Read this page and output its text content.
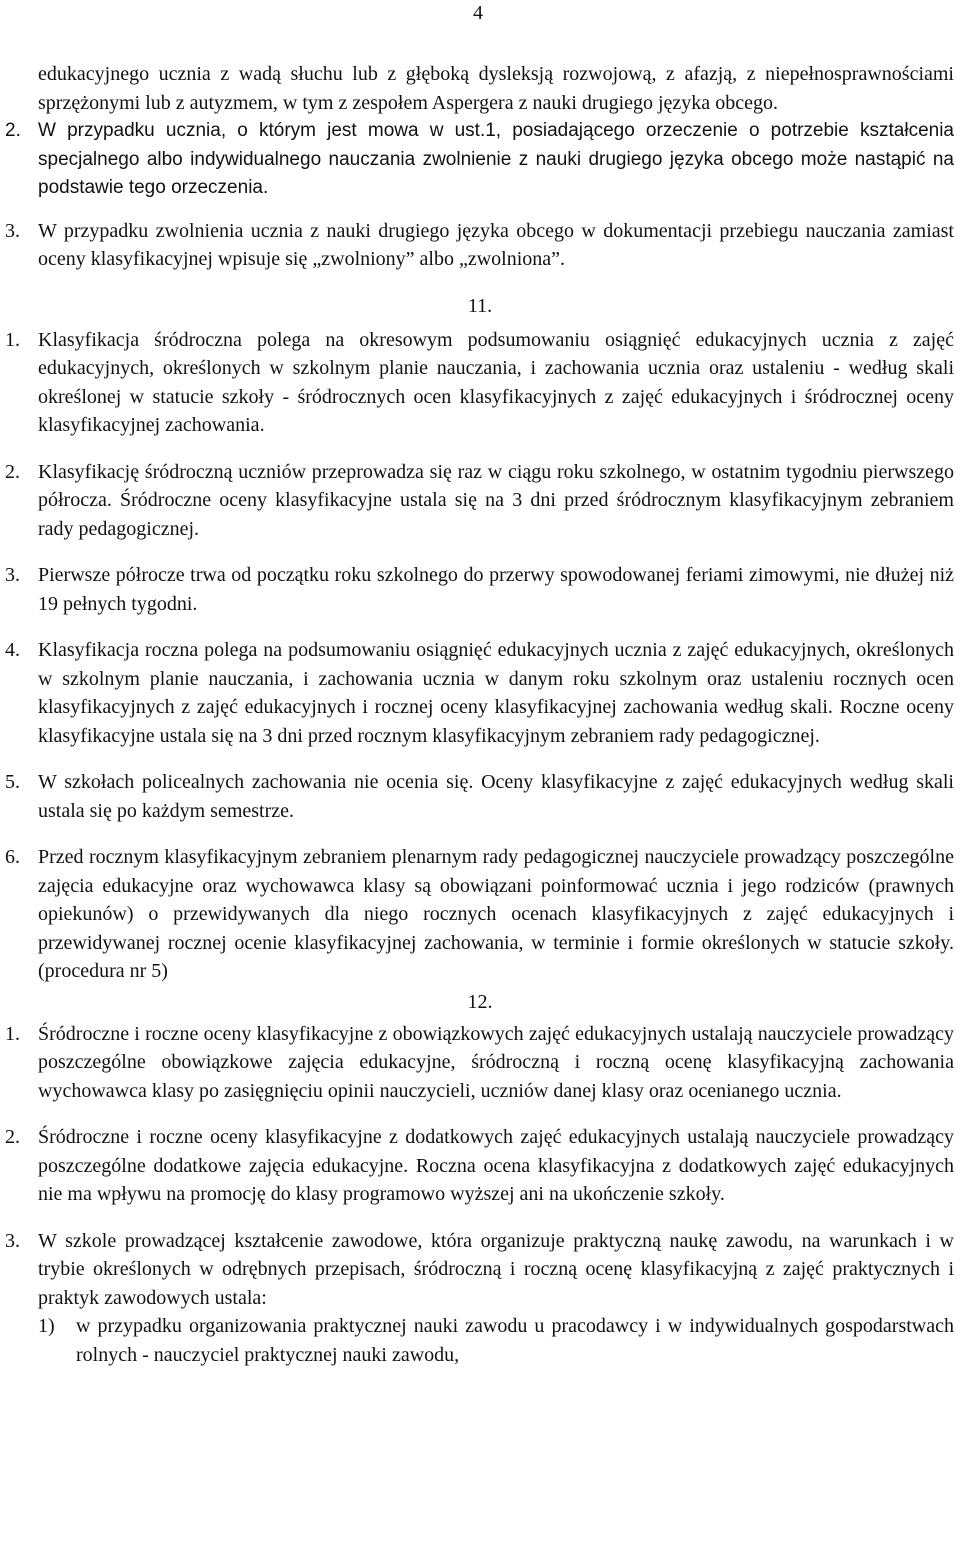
4

edukacyjnego ucznia z wadą słuchu lub z głęboką dysleksją rozwojową, z afazją, z niepełnosprawnościami sprzężonymi lub z autyzmem, w tym z zespołem Aspergera z nauki drugiego języka obcego.

2. W przypadku ucznia, o którym jest mowa w ust.1, posiadającego orzeczenie o potrzebie kształcenia specjalnego albo indywidualnego nauczania zwolnienie z nauki drugiego języka obcego może nastąpić na podstawie tego orzeczenia.

3. W przypadku zwolnienia ucznia z nauki drugiego języka obcego w dokumentacji przebiegu nauczania zamiast oceny klasyfikacyjnej wpisuje się „zwolniony” albo „zwolniona”.

11.

1. Klasyfikacja śródroczna polega na okresowym podsumowaniu osiągnięć edukacyjnych ucznia z zajęć edukacyjnych, określonych w szkolnym planie nauczania, i zachowania ucznia oraz ustaleniu - według skali określonej w statucie szkoły - śródrocznych ocen klasyfikacyjnych z zajęć edukacyjnych i śródrocznej oceny klasyfikacyjnej zachowania.

2. Klasyfikację śródroczną uczniów przeprowadza się raz w ciągu roku szkolnego, w ostatnim tygodniu pierwszego półrocza. Śródroczne oceny klasyfikacyjne ustala się na 3 dni przed śródrocznym klasyfikacyjnym zebraniem rady pedagogicznej.

3. Pierwsze półrocze trwa od początku roku szkolnego do przerwy spowodowanej feriami zimowymi, nie dłużej niż 19 pełnych tygodni.

4. Klasyfikacja roczna polega na podsumowaniu osiągnięć edukacyjnych ucznia z zajęć edukacyjnych, określonych w szkolnym planie nauczania, i zachowania ucznia w danym roku szkolnym oraz ustaleniu rocznych ocen klasyfikacyjnych z zajęć edukacyjnych i rocznej oceny klasyfikacyjnej zachowania według skali. Roczne oceny klasyfikacyjne ustala się na 3 dni przed rocznym klasyfikacyjnym zebraniem rady pedagogicznej.

5. W szkołach policealnych zachowania nie ocenia się. Oceny klasyfikacyjne z zajęć edukacyjnych według skali ustala się po każdym semestrze.

6. Przed rocznym klasyfikacyjnym zebraniem plenarnym rady pedagogicznej nauczyciele prowadzący poszczególne zajęcia edukacyjne oraz wychowawca klasy są obowiązani poinformować ucznia i jego rodziców (prawnych opiekunów) o przewidywanych dla niego rocznych ocenach klasyfikacyjnych z zajęć edukacyjnych i przewidywanej rocznej ocenie klasyfikacyjnej zachowania, w terminie i formie określonych w statucie szkoły. (procedura nr 5)

12.

1. Śródroczne i roczne oceny klasyfikacyjne z obowiązkowych zajęć edukacyjnych ustalają nauczyciele prowadzący poszczególne obowiązkowe zajęcia edukacyjne, śródroczną i roczną ocenę klasyfikacyjną zachowania wychowawca klasy po zasięgnięciu opinii nauczycieli, uczniów danej klasy oraz ocenianego ucznia.

2. Śródroczne i roczne oceny klasyfikacyjne z dodatkowych zajęć edukacyjnych ustalają nauczyciele prowadzący poszczególne dodatkowe zajęcia edukacyjne. Roczna ocena klasyfikacyjna z dodatkowych zajęć edukacyjnych nie ma wpływu na promocję do klasy programowo wyższej ani na ukończenie szkoły.

3. W szkole prowadzącej kształcenie zawodowe, która organizuje praktyczną naukę zawodu, na warunkach i w trybie określonych w odrębnych przepisach, śródroczną i roczną ocenę klasyfikacyjną z zajęć praktycznych i praktyk zawodowych ustala:

1) w przypadku organizowania praktycznej nauki zawodu u pracodawcy i w indywidualnych gospodarstwach rolnych - nauczyciel praktycznej nauki zawodu,
